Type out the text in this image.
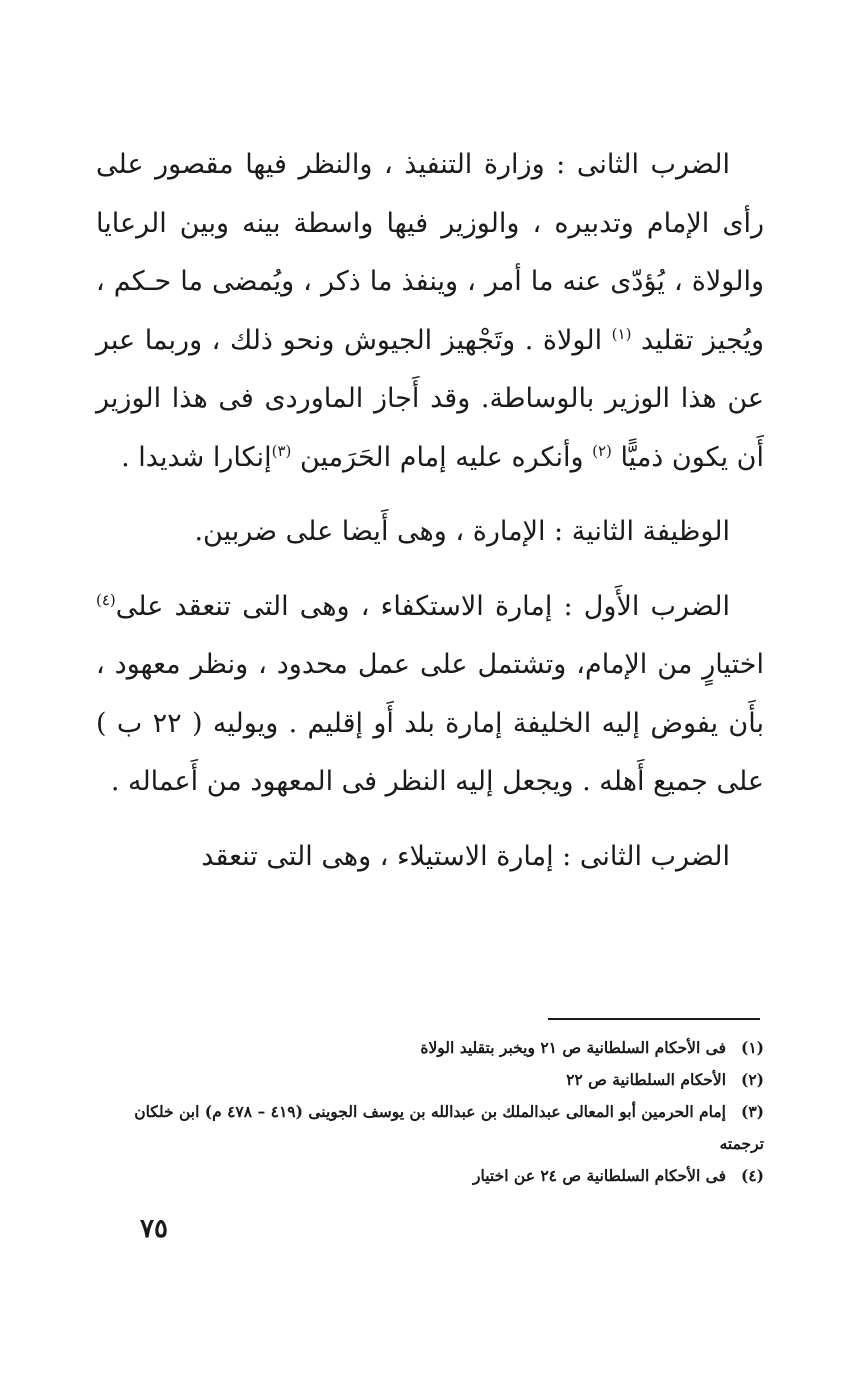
الضرب الثانى : وزارة التنفيذ ، والنظر فيها مقصور على رأى الإمام وتدبيره ، والوزير فيها واسطة بينه وبين الرعايا والولاة ، يُؤدّى عنه ما أمر ، وينفذ ما ذكر ، ويُمضى ما حـكم ، ويُجيز تقليد $^{(١)}$ الولاة . وتَجْهيز الجيوش ونحو ذلك ، وربما عبر عن هذا الوزير بالوساطة. وقد أَجاز الماوردى فى هذا الوزير أَن يكون ذميًّا $^{(٢)}$ وأنكره عليه إمام الحَرَمين $^{(٣)}$إنكارا شديدا .

الوظيفة الثانية : الإمارة ، وهى أَيضا على ضربين.

الضرب الأَول : إمارة الاستكفاء ، وهى التى تنعقد على$^{(٤)}$ اختيارٍ من الإمام، وتشتمل على عمل محدود ، ونظر معهود ، بأَن يفوض إليه الخليفة إمارة بلد أَو إقليم . ويوليه ( ٢٢ ب ) على جميع أَهله . ويجعل إليه النظر فى المعهود من أَعماله .

الضرب الثانى : إمارة الاستيلاء ، وهى التى تنعقد

(١)فى الأحكام السلطانية ص ٢١ ويخبر بتقليد الولاة

(٢)الأحكام السلطانية ص ٢٢

(٣)إمام الحرمين أبو المعالى عبدالملك بن عبدالله بن يوسف الجوينى (٤١٩ – ٤٧٨ م) ابن خلكان ترجمته

(٤)فى الأحكام السلطانية ص ٢٤ عن اختيار

٧٥
